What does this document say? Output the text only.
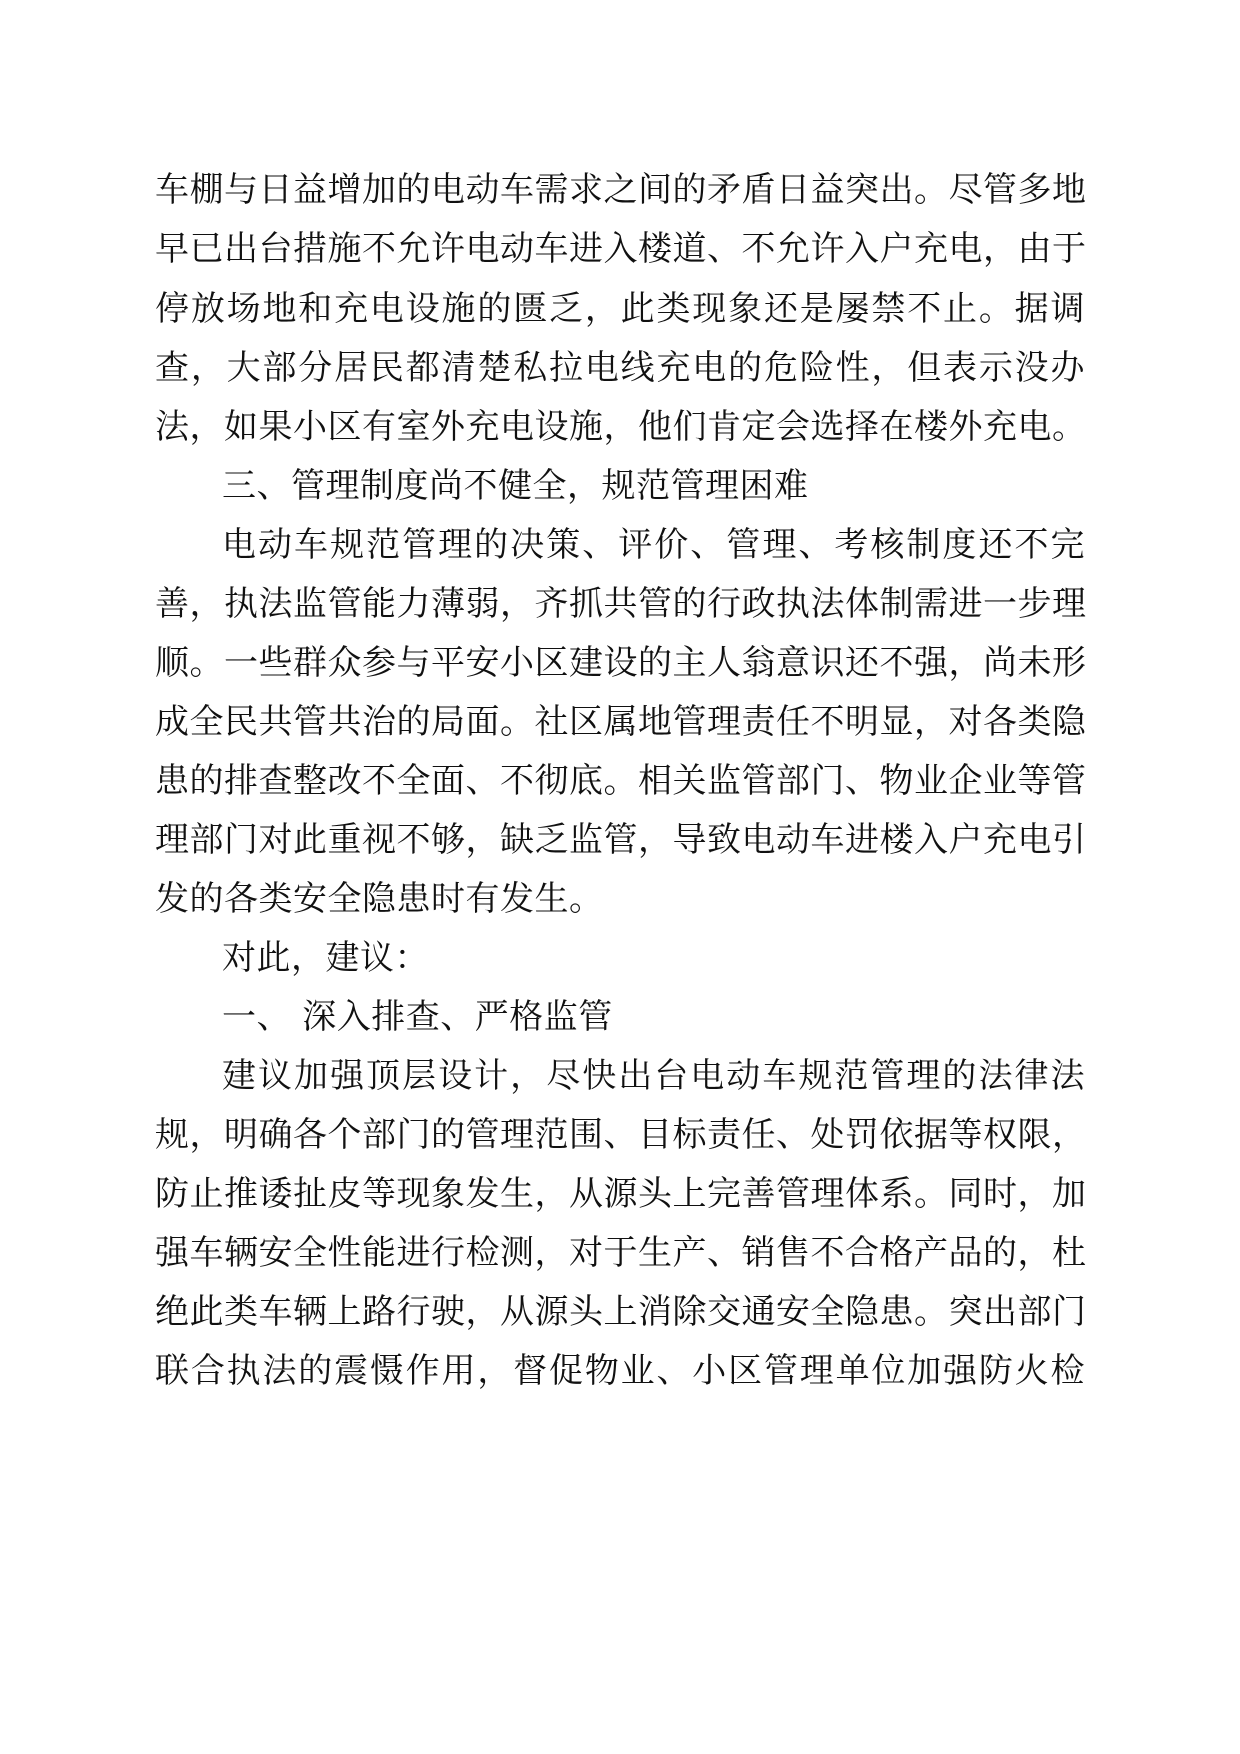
车棚与日益增加的电动车需求之间的矛盾日益突出。尽管多地
早已出台措施不允许电动车进入楼道、不允许入户充电，由于
停放场地和充电设施的匮乏，此类现象还是屡禁不止。据调
查，大部分居民都清楚私拉电线充电的危险性，但表示没办
法，如果小区有室外充电设施，他们肯定会选择在楼外充电。
三、管理制度尚不健全，规范管理困难
电动车规范管理的决策、评价、管理、考核制度还不完
善，执法监管能力薄弱，齐抓共管的行政执法体制需进一步理
顺。一些群众参与平安小区建设的主人翁意识还不强，尚未形
成全民共管共治的局面。社区属地管理责任不明显，对各类隐
患的排查整改不全面、不彻底。相关监管部门、物业企业等管
理部门对此重视不够，缺乏监管，导致电动车进楼入户充电引
发的各类安全隐患时有发生。
对此，建议：
一、 深入排查、严格监管
建议加强顶层设计，尽快出台电动车规范管理的法律法
规，明确各个部门的管理范围、目标责任、处罚依据等权限，
防止推诿扯皮等现象发生，从源头上完善管理体系。同时，加
强车辆安全性能进行检测，对于生产、销售不合格产品的，杜
绝此类车辆上路行驶，从源头上消除交通安全隐患。突出部门
联合执法的震慑作用，督促物业、小区管理单位加强防火检
